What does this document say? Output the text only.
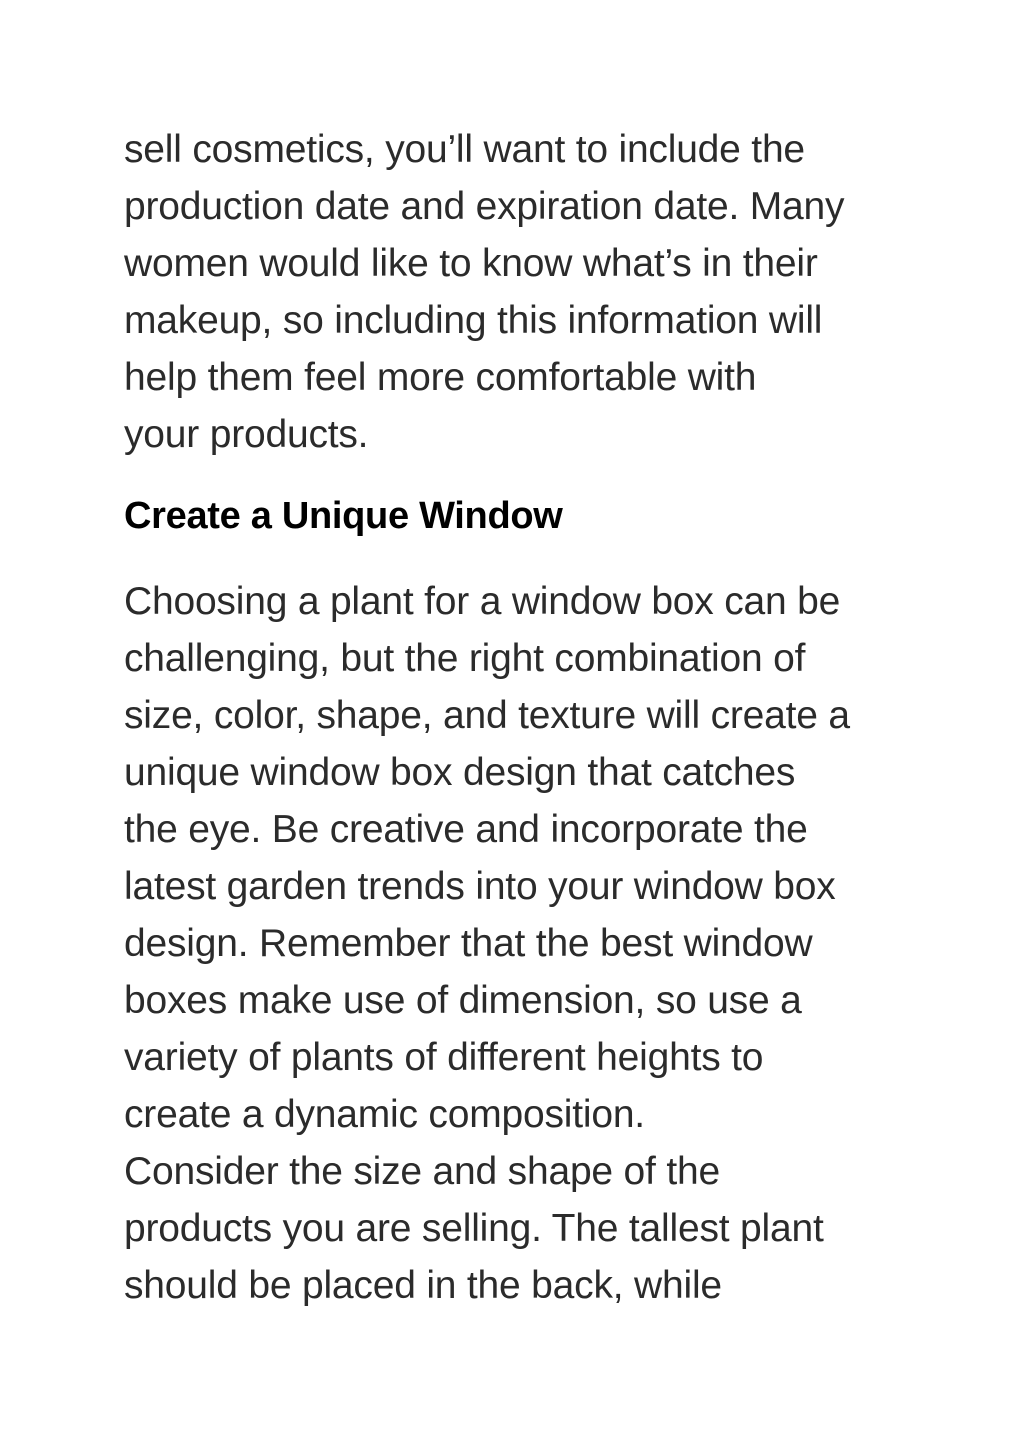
sell cosmetics, you’ll want to include the
production date and expiration date. Many
women would like to know what’s in their
makeup, so including this information will
help them feel more comfortable with
your products.

Create a Unique Window

Choosing a plant for a window box can be
challenging, but the right combination of
size, color, shape, and texture will create a
unique window box design that catches
the eye. Be creative and incorporate the
latest garden trends into your window box
design. Remember that the best window
boxes make use of dimension, so use a
variety of plants of different heights to
create a dynamic composition.
Consider the size and shape of the
products you are selling. The tallest plant
should be placed in the back, while
